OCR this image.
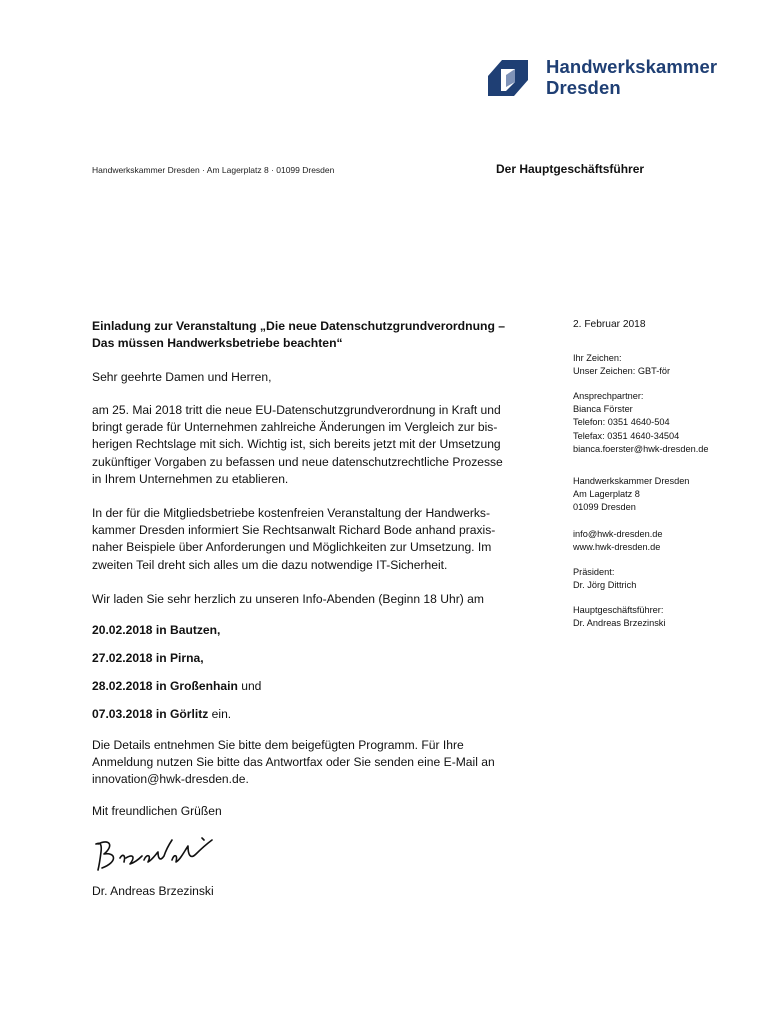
Handwerkskammer
Dresden
Handwerkskammer Dresden · Am Lagerplatz 8 · 01099 Dresden	Der Hauptgeschäftsführer
Einladung zur Veranstaltung „Die neue Datenschutzgrundverordnung –
Das müssen Handwerksbetriebe beachten“
Sehr geehrte Damen und Herren,
am 25. Mai 2018 tritt die neue EU-Datenschutzgrundverordnung in Kraft und
bringt gerade für Unternehmen zahlreiche Änderungen im Vergleich zur bis-
herigen Rechtslage mit sich. Wichtig ist, sich bereits jetzt mit der Umsetzung
zukünftiger Vorgaben zu befassen und neue datenschutzrechtliche Prozesse
in Ihrem Unternehmen zu etablieren.
In der für die Mitgliedsbetriebe kostenfreien Veranstaltung der Handwerks-
kammer Dresden informiert Sie Rechtsanwalt Richard Bode anhand praxis-
naher Beispiele über Anforderungen und Möglichkeiten zur Umsetzung. Im
zweiten Teil dreht sich alles um die dazu notwendige IT-Sicherheit.
Wir laden Sie sehr herzlich zu unseren Info-Abenden (Beginn 18 Uhr) am
20.02.2018 in Bautzen,
27.02.2018 in Pirna,
28.02.2018 in Großenhain und
07.03.2018 in Görlitz ein.
Die Details entnehmen Sie bitte dem beigefügten Programm. Für Ihre
Anmeldung nutzen Sie bitte das Antwortfax oder Sie senden eine E-Mail an
innovation@hwk-dresden.de.
Mit freundlichen Grüßen
Dr. Andreas Brzezinski
2. Februar 2018
Ihr Zeichen:
Unser Zeichen: GBT-för
Ansprechpartner:
Bianca Förster
Telefon: 0351 4640-504
Telefax: 0351 4640-34504
bianca.foerster@hwk-dresden.de
Handwerkskammer Dresden
Am Lagerplatz 8
01099 Dresden
info@hwk-dresden.de
www.hwk-dresden.de
Präsident:
Dr. Jörg Dittrich
Hauptgeschäftsführer:
Dr. Andreas Brzezinski
